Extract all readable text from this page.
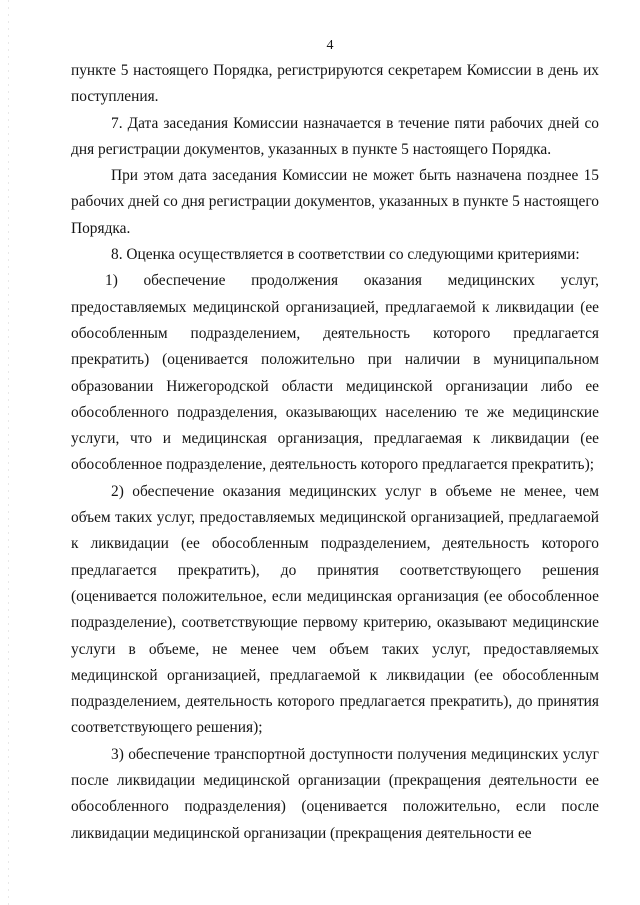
4

пункте 5 настоящего Порядка, регистрируются секретарем Комиссии в день их поступления.

7. Дата заседания Комиссии назначается в течение пяти рабочих дней со дня регистрации документов, указанных в пункте 5 настоящего Порядка.

При этом дата заседания Комиссии не может быть назначена позднее 15 рабочих дней со дня регистрации документов, указанных в пункте 5 настоящего Порядка.

8. Оценка осуществляется в соответствии со следующими критериями:

1) обеспечение продолжения оказания медицинских услуг, предоставляемых медицинской организацией, предлагаемой к ликвидации (ее обособленным подразделением, деятельность которого предлагается прекратить) (оценивается положительно при наличии в муниципальном образовании Нижегородской области медицинской организации либо ее обособленного подразделения, оказывающих населению те же медицинские услуги, что и медицинская организация, предлагаемая к ликвидации (ее обособленное подразделение, деятельность которого предлагается прекратить);

2) обеспечение оказания медицинских услуг в объеме не менее, чем объем таких услуг, предоставляемых медицинской организацией, предлагаемой к ликвидации (ее обособленным подразделением, деятельность которого предлагается прекратить), до принятия соответствующего решения (оценивается положительное, если медицинская организация (ее обособленное подразделение), соответствующие первому критерию, оказывают медицинские услуги в объеме, не менее чем объем таких услуг, предоставляемых медицинской организацией, предлагаемой к ликвидации (ее обособленным подразделением, деятельность которого предлагается прекратить), до принятия соответствующего решения);

3) обеспечение транспортной доступности получения медицинских услуг после ликвидации медицинской организации (прекращения деятельности ее обособленного подразделения) (оценивается положительно, если после ликвидации медицинской организации (прекращения деятельности ее
